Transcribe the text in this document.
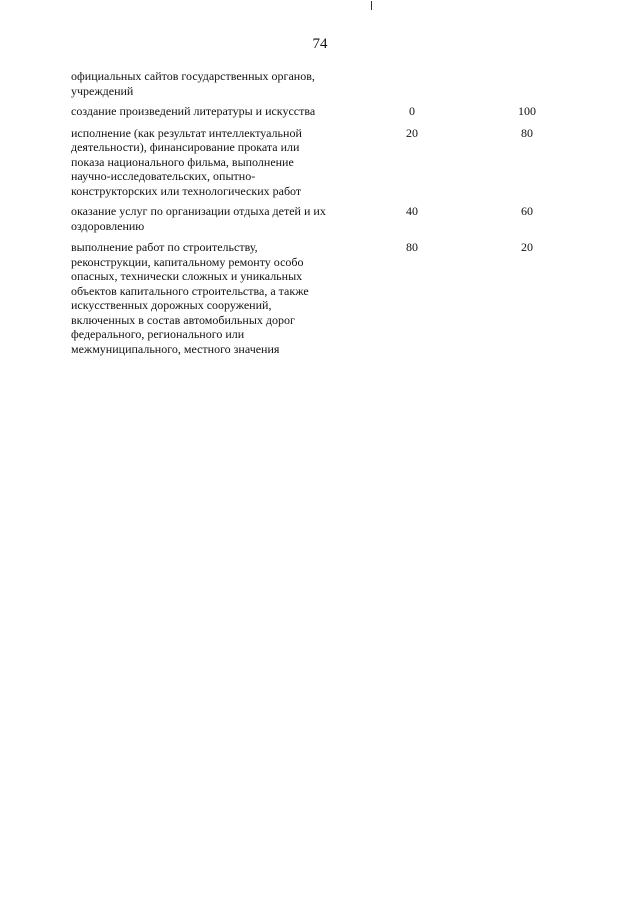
74
официальных сайтов государственных органов,
учреждений
создание произведений литературы и искусства	0	100
исполнение (как результат интеллектуальной
деятельности), финансирование проката или
показа национального фильма, выполнение
научно-исследовательских, опытно-
конструкторских или технологических работ
20	80
оказание услуг по организации отдыха детей и их
оздоровлению
40	60
выполнение работ по строительству,
реконструкции, капитальному ремонту особо
опасных, технически сложных и уникальных
объектов капитального строительства, а также
искусственных дорожных сооружений,
включенных в состав автомобильных дорог
федерального, регионального или
межмуниципального, местного значения
80	20
